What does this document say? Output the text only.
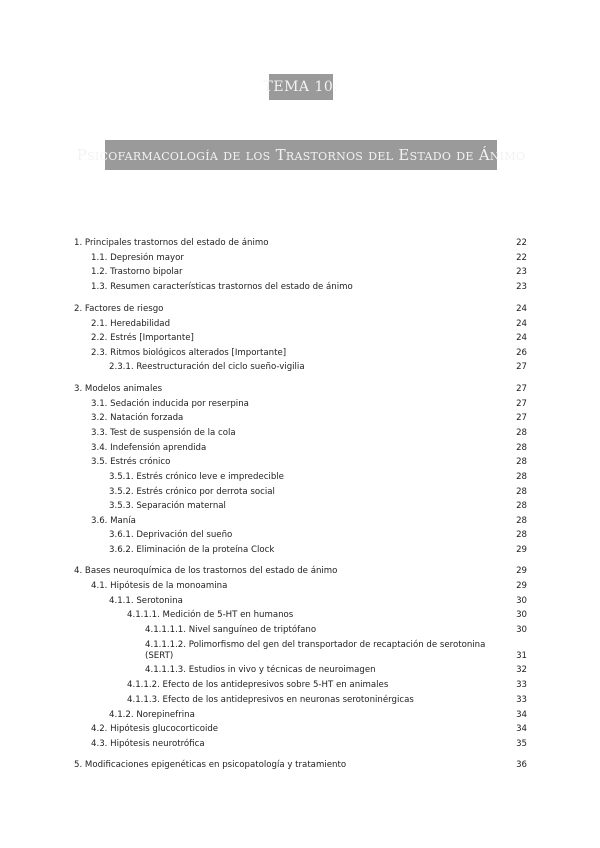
TEMA 10:
Psicofarmacología de los Trastornos del Estado de Ánimo
1. Principales trastornos del estado de ánimo	22
1.1. Depresión mayor	22
1.2. Trastorno bipolar	23
1.3. Resumen características trastornos del estado de ánimo	23
2. Factores de riesgo	24
2.1. Heredabilidad	24
2.2. Estrés [Importante]	24
2.3. Ritmos biológicos alterados [Importante]	26
2.3.1. Reestructuración del ciclo sueño-vigilia	27
3. Modelos animales	27
3.1. Sedación inducida por reserpina	27
3.2. Natación forzada	27
3.3. Test de suspensión de la cola	28
3.4. Indefensión aprendida	28
3.5. Estrés crónico	28
3.5.1. Estrés crónico leve e impredecible	28
3.5.2. Estrés crónico por derrota social	28
3.5.3. Separación maternal	28
3.6. Manía	28
3.6.1. Deprivación del sueño	28
3.6.2. Eliminación de la proteína Clock	29
4. Bases neuroquímica de los trastornos del estado de ánimo	29
4.1. Hipótesis de la monoamina	29
4.1.1. Serotonina	30
4.1.1.1. Medición de 5-HT en humanos	30
4.1.1.1.1. Nivel sanguíneo de triptófano	30
4.1.1.1.2. Polimorfismo del gen del transportador de recaptación de serotonina
(SERT)	31
4.1.1.1.3. Estudios in vivo y técnicas de neuroimagen	32
4.1.1.2. Efecto de los antidepresivos sobre 5-HT en animales	33
4.1.1.3. Efecto de los antidepresivos en neuronas serotoninérgicas	33
4.1.2. Norepinefrina	34
4.2. Hipótesis glucocorticoide	34
4.3. Hipótesis neurotrófica	35
5. Modificaciones epigenéticas en psicopatología y tratamiento	36
